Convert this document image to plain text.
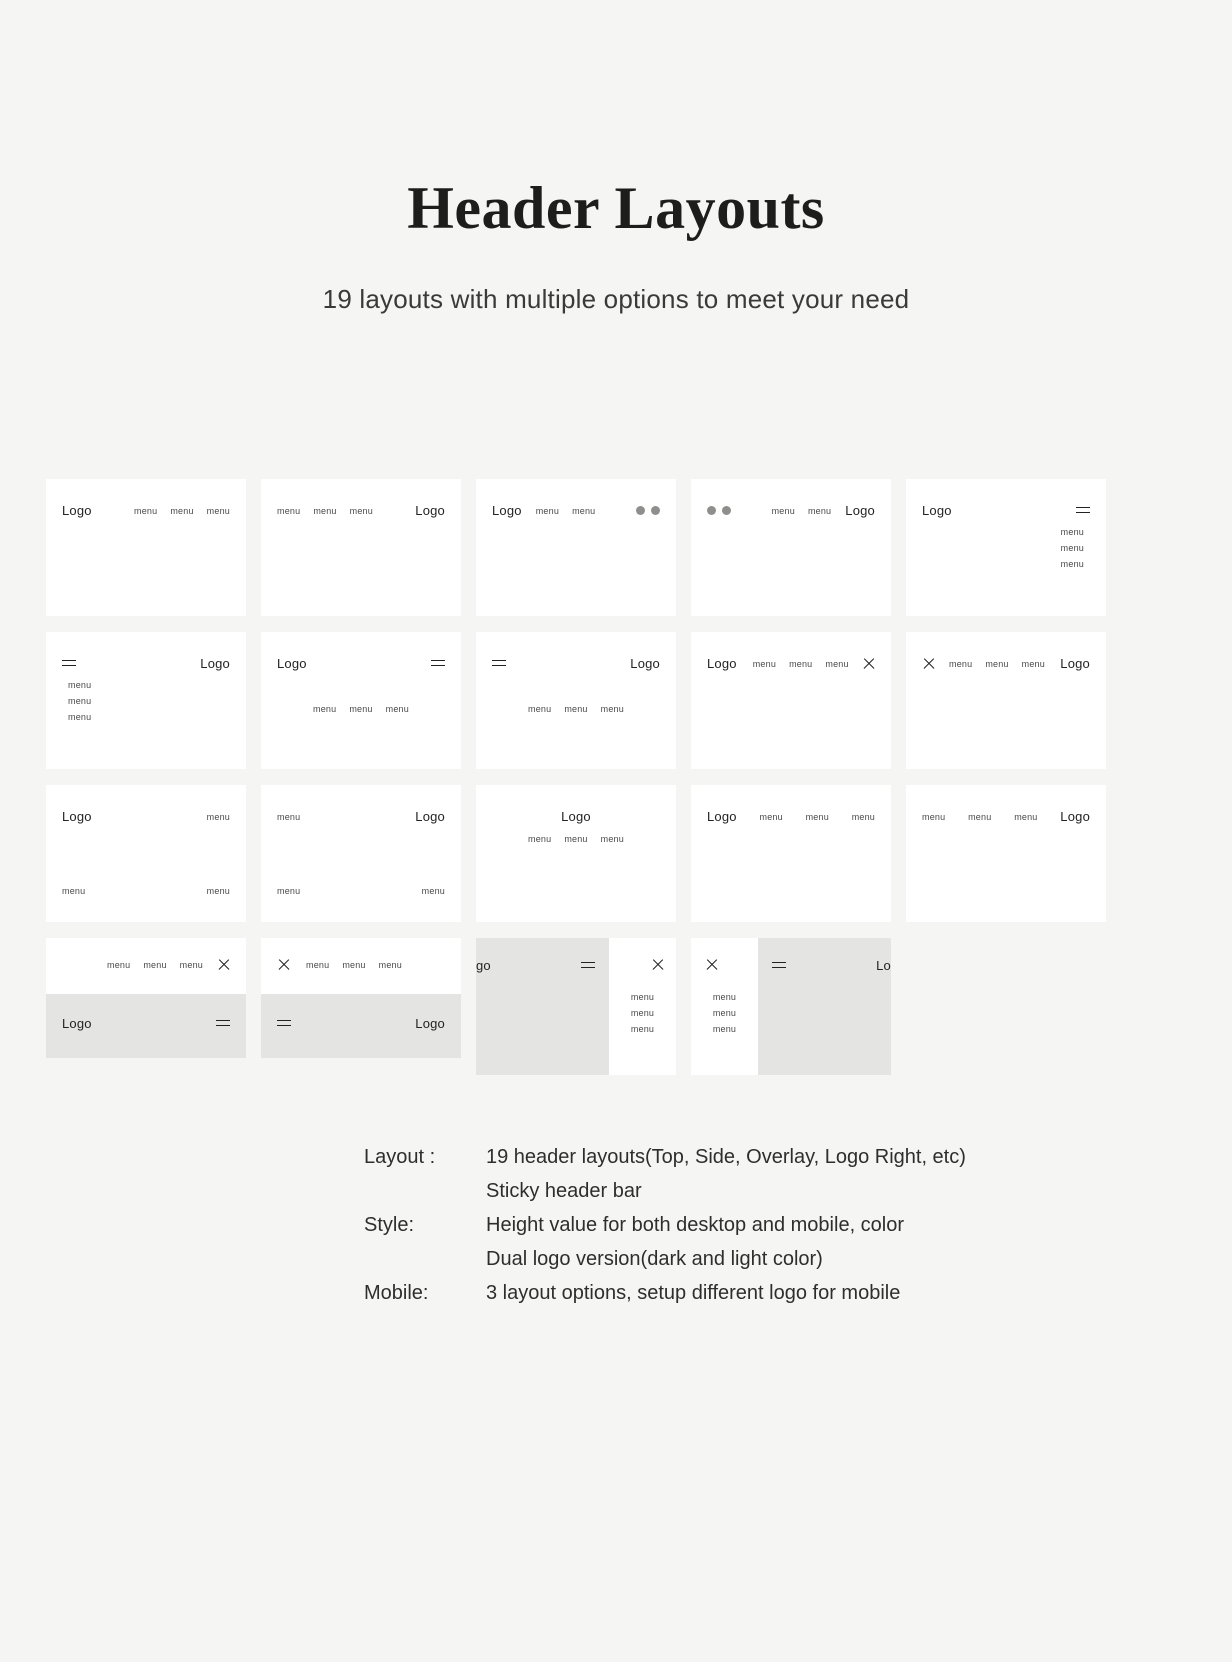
Header Layouts

19 layouts with multiple options to meet your need

Logo	menu menu menu	menu menu menu	Logo	Logo menu menu	menu menu Logo	Logo
menu
menu
menu
Logo
menu
menu
menu
Logo
menu menu menu
Logo
menu menu menu
Logo menu menu menu	menu menu menu Logo
Logo	menu
menu	menu
menu	Logo
menu	menu
Logo
menu menu menu
Logo	menu	menu	menu	menu	menu	menu Logo
menu menu menu
Logo
menu menu menu
Logo
go
menu
menu
menu
menu
menu
menu
Lo
Layout :	19 header layouts(Top, Side, Overlay, Logo Right, etc)
Sticky header bar
Style:	Height value for both desktop and mobile, color
Dual logo version(dark and light color)
Mobile:	3 layout options, setup different logo for mobile
